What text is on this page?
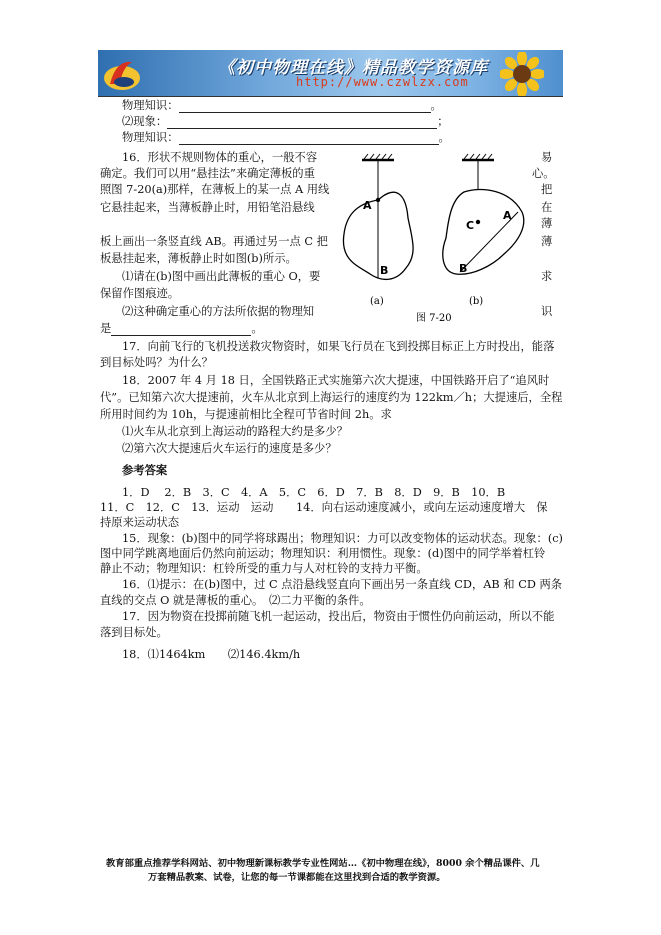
《初中物理在线》精品教学资源库
http://www.czwlzx.com
物理知识：	。
⑵现象：	；
物理知识：	。
16．形状不规则物体的重心，一般不容	易
确定。我们可以用“悬挂法”来确定薄板的重	心。
照图 7-20(a)那样，在薄板上的某一点 A 用线	把
它悬挂起来，当薄板静止时，用铅笔沿悬线	在
薄
板上画出一条竖直线 AB。再通过另一点 C 把	薄
板悬挂起来，薄板静止时如图(b)所示。
⑴请在(b)图中画出此薄板的重心 O，要	求
保留作图痕迹。
⑵这种确定重心的方法所依据的物理知	识
是	。
A
B
C
A
B
(a)	(b)
图 7-20
17．向前飞行的飞机投送救灾物资时，如果飞行员在飞到投掷目标正上方时投出，能落
到目标处吗？为什么？
18．2007 年 4 月 18 日，全国铁路正式实施第六次大提速，中国铁路开启了“追风时
代”。已知第六次大提速前，火车从北京到上海运行的速度约为 122km／h；大提速后，全程
所用时间约为 10h，与提速前相比全程可节省时间 2h。求
⑴火车从北京到上海运动的路程大约是多少？
⑵第六次大提速后火车运行的速度是多少？
参考答案
1．D　 2．B　3．C　4．A　5．C　6．D　7．B　8．D　9．B　10．B
11．C　12．C　13．运动　运动　　14．向右运动速度减小，或向左运动速度增大　保
持原来运动状态
15．现象：(b)图中的同学将球踢出；物理知识：力可以改变物体的运动状态。现象：(c)
图中同学跳离地面后仍然向前运动；物理知识：利用惯性。现象：(d)图中的同学举着杠铃
静止不动；物理知识：杠铃所受的重力与人对杠铃的支持力平衡。
16．⑴提示：在(b)图中，过 C 点沿悬线竖直向下画出另一条直线 CD，AB 和 CD 两条
直线的交点 O 就是薄板的重心。　⑵二力平衡的条件。
17．因为物资在投掷前随飞机一起运动，投出后，物资由于惯性仍向前运动，所以不能
落到目标处。
18．⑴1464km　　⑵146.4km/h
教育部重点推荐学科网站、初中物理新课标教学专业性网站…《初中物理在线》，8000 余个精品课件、几
万套精品教案、试卷，让您的每一节课都能在这里找到合适的教学资源。
